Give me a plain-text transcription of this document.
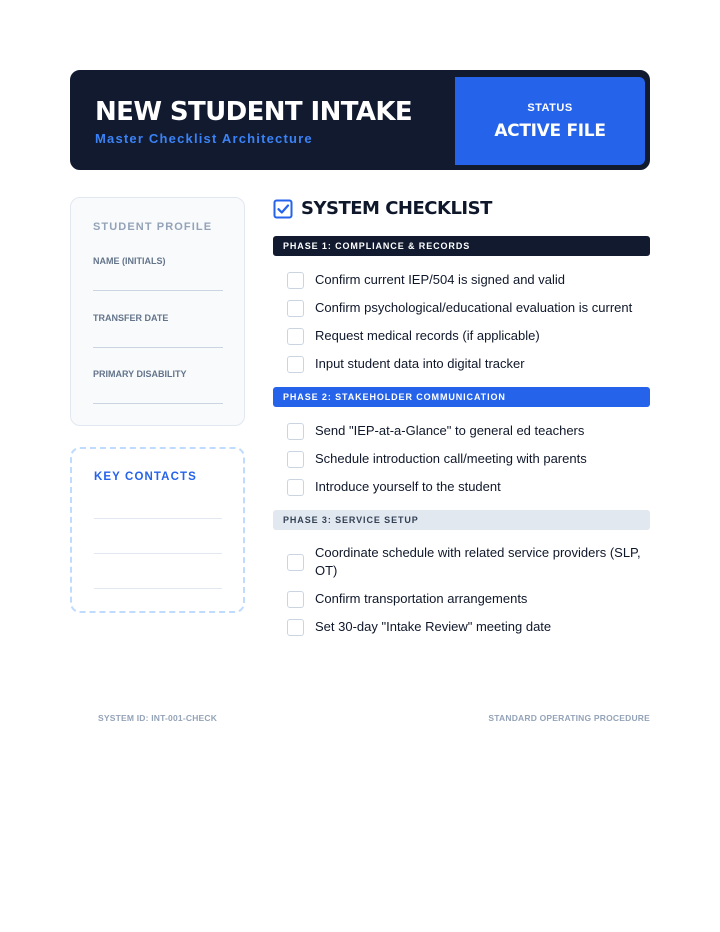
NEW STUDENT INTAKE
Master Checklist Architecture
STATUS
ACTIVE FILE
STUDENT PROFILE
NAME (INITIALS)
TRANSFER DATE
PRIMARY DISABILITY
KEY CONTACTS
SYSTEM CHECKLIST
PHASE 1: COMPLIANCE & RECORDS
Confirm current IEP/504 is signed and valid
Confirm psychological/educational evaluation is current
Request medical records (if applicable)
Input student data into digital tracker
PHASE 2: STAKEHOLDER COMMUNICATION
Send "IEP-at-a-Glance" to general ed teachers
Schedule introduction call/meeting with parents
Introduce yourself to the student
PHASE 3: SERVICE SETUP
Coordinate schedule with related service providers (SLP, OT)
Confirm transportation arrangements
Set 30-day "Intake Review" meeting date
SYSTEM ID: INT-001-CHECK	STANDARD OPERATING PROCEDURE
